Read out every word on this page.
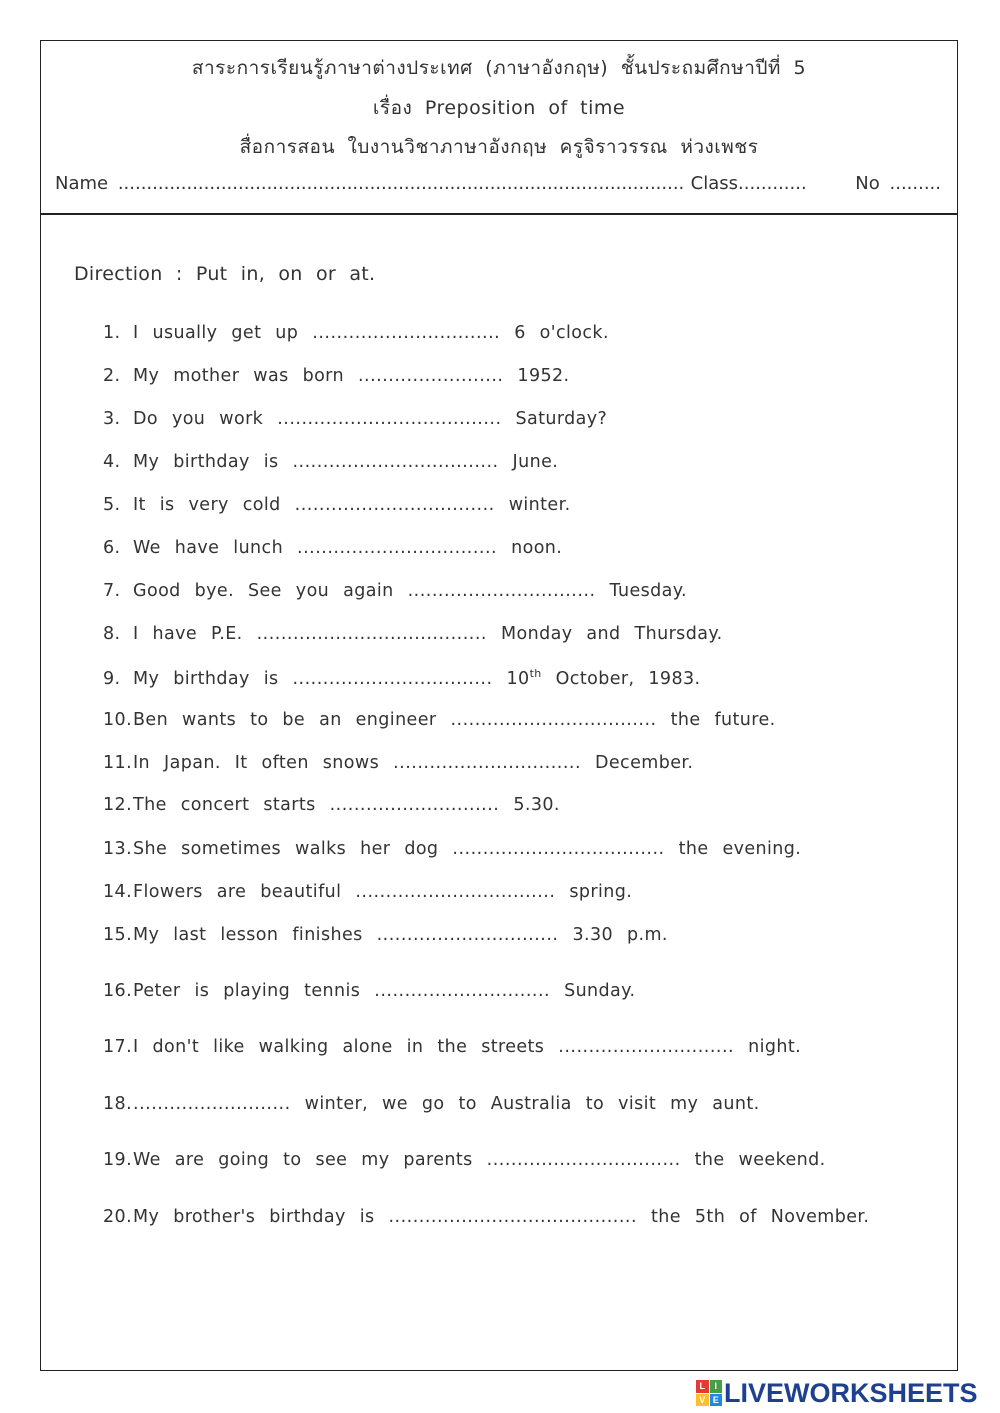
สาระการเรียนรู้ภาษาต่างประเทศ (ภาษาอังกฤษ) ชั้นประถมศึกษาปีที่ 5
เรื่อง Preposition of time
สื่อการสอน ใบงานวิชาภาษาอังกฤษ ครูจิราวรรณ ห่วงเพชร
Name ................................................................................................... Class............	No .........
Direction : Put in, on or at.
1. I usually get up ............................... 6 o'clock.
2. My mother was born ........................ 1952.
3. Do you work ..................................... Saturday?
4. My birthday is .................................. June.
5. It is very cold ................................. winter.
6. We have lunch ................................. noon.
7. Good bye. See you again ............................... Tuesday.
8. I have P.E. ...................................... Monday and Thursday.
9. My birthday is ................................. 10th October, 1983.
10.Ben wants to be an engineer .................................. the future.
11.In Japan. It often snows ............................... December.
12.The concert starts ............................ 5.30.
13.She sometimes walks her dog ................................... the evening.
14.Flowers are beautiful ................................. spring.
15.My last lesson finishes .............................. 3.30 p.m.
16.Peter is playing tennis ............................. Sunday.
17.I don't like walking alone in the streets ............................. night.
18........................... winter, we go to Australia to visit my aunt.
19.We are going to see my parents ................................ the weekend.
20.My brother's birthday is ......................................... the 5th of November.
L	I
V E LIVEWORKSHEETS
